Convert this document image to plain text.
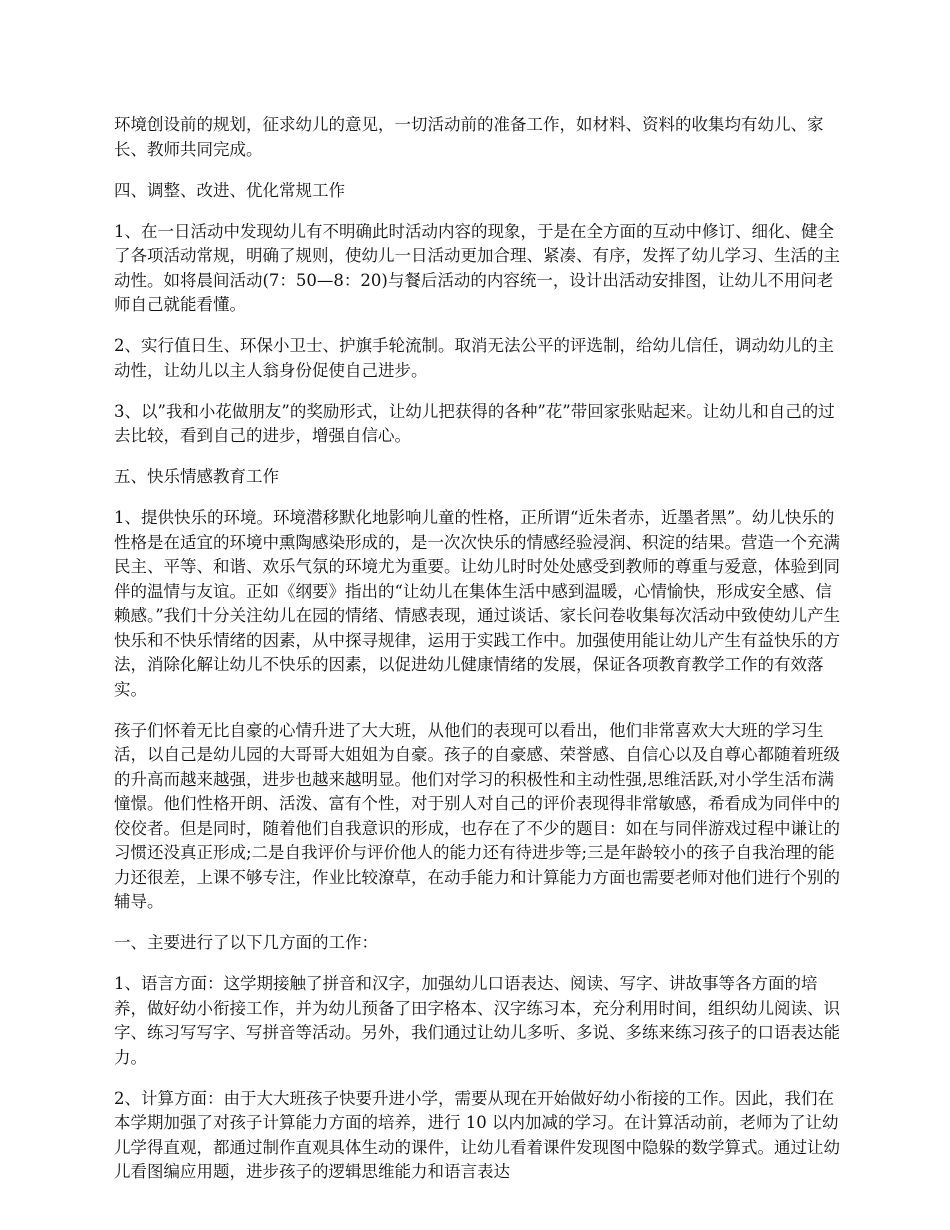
环境创设前的规划，征求幼儿的意见，一切活动前的准备工作，如材料、资料的收集均有幼儿、家长、教师共同完成。

四、调整、改进、优化常规工作

1、在一日活动中发现幼儿有不明确此时活动内容的现象，于是在全方面的互动中修订、细化、健全了各项活动常规，明确了规则，使幼儿一日活动更加合理、紧凑、有序，发挥了幼儿学习、生活的主动性。如将晨间活动(7：50—8：20)与餐后活动的内容统一，设计出活动安排图，让幼儿不用问老师自己就能看懂。

2、实行值日生、环保小卫士、护旗手轮流制。取消无法公平的评选制，给幼儿信任，调动幼儿的主动性，让幼儿以主人翁身份促使自己进步。

3、以”我和小花做朋友”的奖励形式，让幼儿把获得的各种”花”带回家张贴起来。让幼儿和自己的过去比较，看到自己的进步，增强自信心。

五、快乐情感教育工作

1、提供快乐的环境。环境潜移默化地影响儿童的性格，正所谓“近朱者赤，近墨者黑”。幼儿快乐的性格是在适宜的环境中熏陶感染形成的，是一次次快乐的情感经验浸润、积淀的结果。营造一个充满民主、平等、和谐、欢乐气氛的环境尤为重要。让幼儿时时处处感受到教师的尊重与爱意，体验到同伴的温情与友谊。正如《纲要》指出的“让幼儿在集体生活中感到温暖，心情愉快，形成安全感、信赖感。”我们十分关注幼儿在园的情绪、情感表现，通过谈话、家长问卷收集每次活动中致使幼儿产生快乐和不快乐情绪的因素，从中探寻规律，运用于实践工作中。加强使用能让幼儿产生有益快乐的方法，消除化解让幼儿不快乐的因素，以促进幼儿健康情绪的发展，保证各项教育教学工作的有效落实。

孩子们怀着无比自豪的心情升进了大大班，从他们的表现可以看出，他们非常喜欢大大班的学习生活，以自己是幼儿园的大哥哥大姐姐为自豪。孩子的自豪感、荣誉感、自信心以及自尊心都随着班级的升高而越来越强，进步也越来越明显。他们对学习的积极性和主动性强,思维活跃,对小学生活布满憧憬。他们性格开朗、活泼、富有个性，对于别人对自己的评价表现得非常敏感，希看成为同伴中的佼佼者。但是同时，随着他们自我意识的形成，也存在了不少的题目：如在与同伴游戏过程中谦让的习惯还没真正形成;二是自我评价与评价他人的能力还有待进步等;三是年龄较小的孩子自我治理的能力还很差，上课不够专注，作业比较潦草，在动手能力和计算能力方面也需要老师对他们进行个别的辅导。

一、主要进行了以下几方面的工作：

1、语言方面：这学期接触了拼音和汉字，加强幼儿口语表达、阅读、写字、讲故事等各方面的培养，做好幼小衔接工作，并为幼儿预备了田字格本、汉字练习本，充分利用时间，组织幼儿阅读、识字、练习写写字、写拼音等活动。另外，我们通过让幼儿多听、多说、多练来练习孩子的口语表达能力。

2、计算方面：由于大大班孩子快要升进小学，需要从现在开始做好幼小衔接的工作。因此，我们在本学期加强了对孩子计算能力方面的培养，进行 10 以内加减的学习。在计算活动前，老师为了让幼儿学得直观，都通过制作直观具体生动的课件，让幼儿看着课件发现图中隐躲的数学算式。通过让幼儿看图编应用题，进步孩子的逻辑思维能力和语言表达
